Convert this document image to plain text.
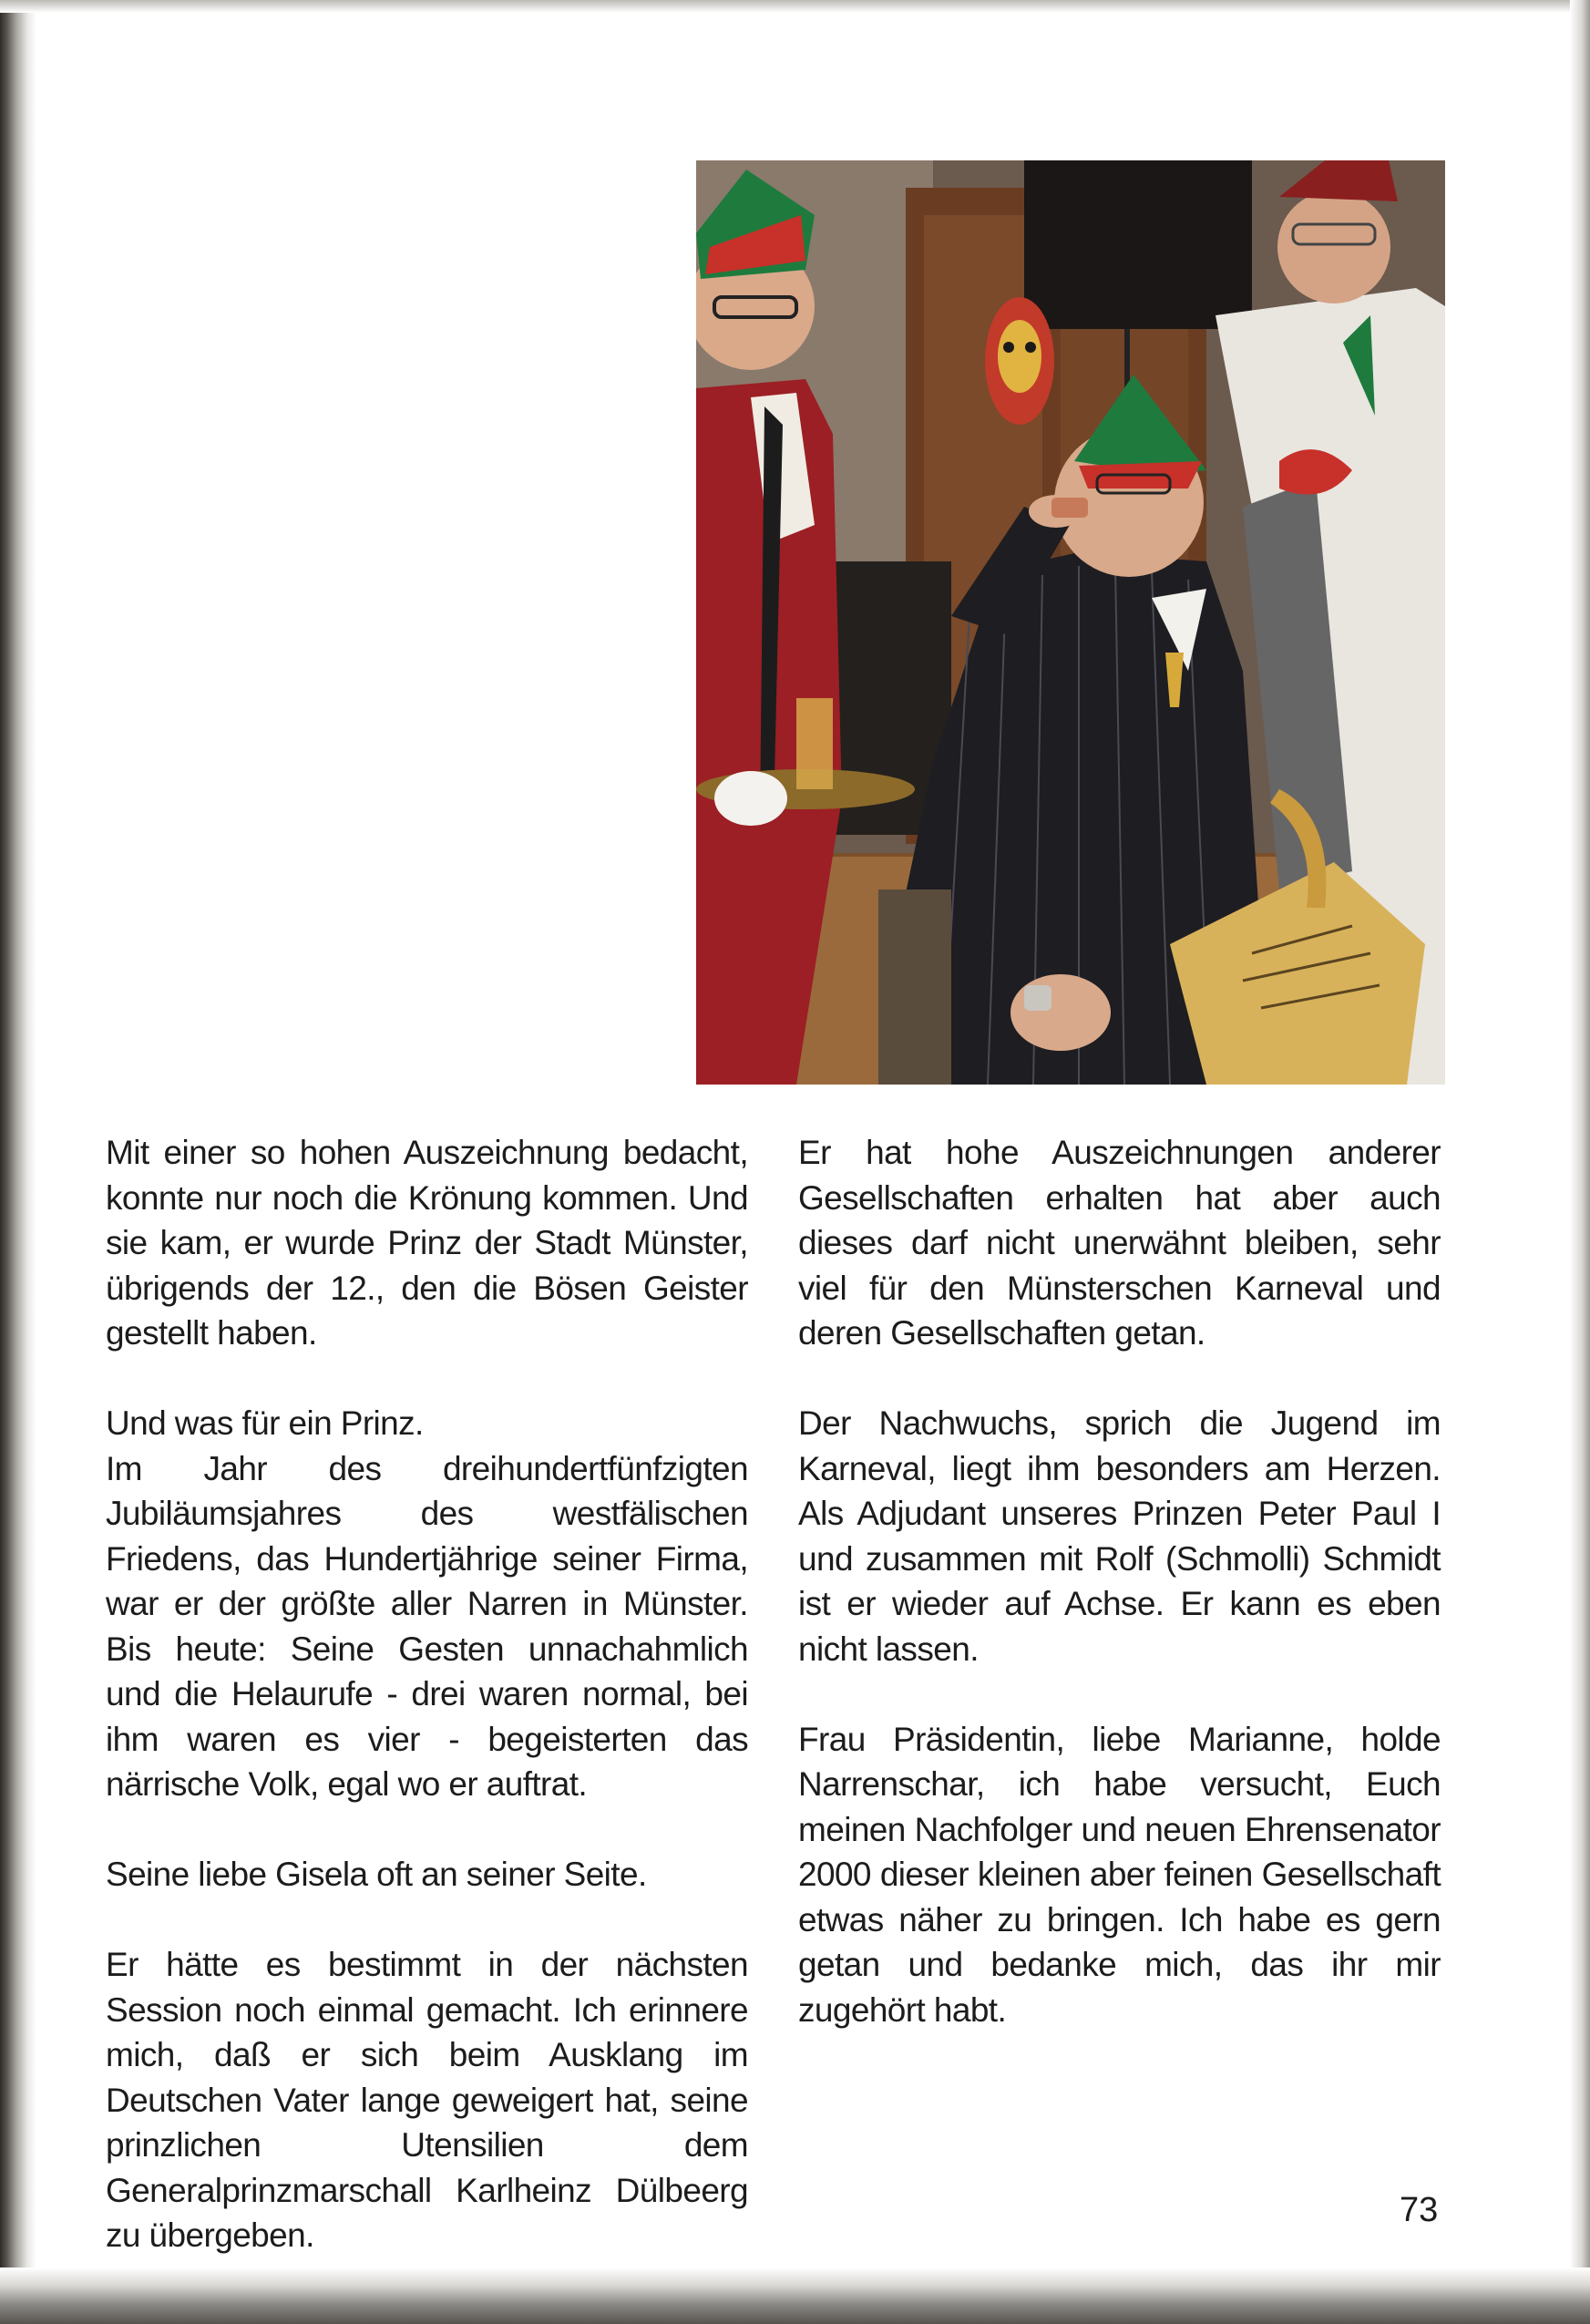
Mit einer so hohen Auszeichnung bedacht, konnte nur noch die Krönung kommen. Und sie kam, er wurde Prinz der Stadt Münster, übrigends der 12., den die Bösen Geister gestellt haben.

Und was für ein Prinz.

Im Jahr des dreihundertfünfzigten Jubiläumsjahres des westfälischen Friedens, das Hundertjährige seiner Firma, war er der größte aller Narren in Münster. Bis heute: Seine Gesten unnachahmlich und die Helaurufe - drei waren normal, bei ihm waren es vier - begeisterten das närrische Volk, egal wo er auftrat.

Seine liebe Gisela oft an seiner Seite.

Er hätte es bestimmt in der nächsten Session noch einmal gemacht. Ich erinnere mich, daß er sich beim Ausklang im Deutschen Vater lange geweigert hat, seine prinzlichen Utensilien dem Generalprinzmarschall Karlheinz Dülbeerg zu übergeben.

Er hat hohe Auszeichnungen anderer Gesellschaften erhalten hat aber auch dieses darf nicht unerwähnt bleiben, sehr viel für den Münsterschen Karneval und deren Gesellschaften getan.

Der Nachwuchs, sprich die Jugend im Karneval, liegt ihm besonders am Herzen. Als Adjudant unseres Prinzen Peter Paul I und zusammen mit Rolf (Schmolli) Schmidt ist er wieder auf Achse. Er kann es eben nicht lassen.

Frau Präsidentin, liebe Marianne, holde Narrenschar, ich habe versucht, Euch meinen Nachfolger und neuen Ehrensenator 2000 dieser kleinen aber feinen Gesellschaft etwas näher zu bringen. Ich habe es gern getan und bedanke mich, das ihr mir zugehört habt.

73
